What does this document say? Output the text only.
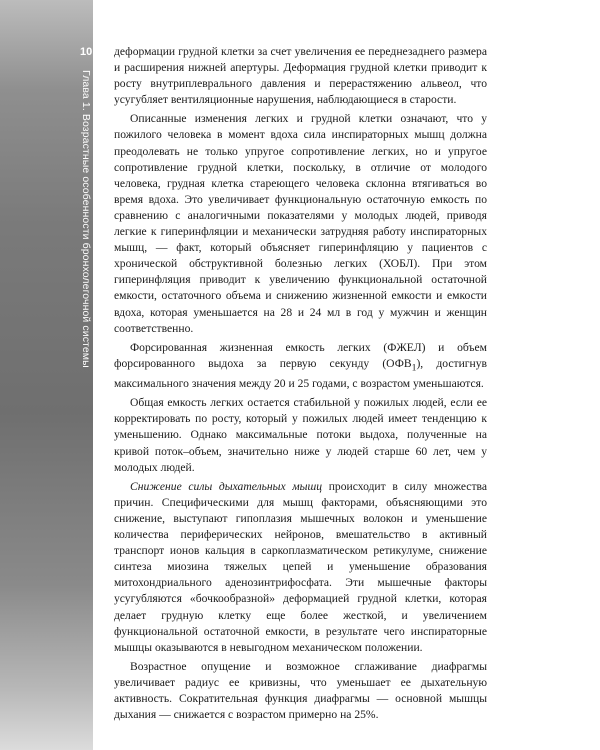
10
Глава 1. Возрастные особенности бронхолегочной системы

деформации грудной клетки за счет увеличения ее переднезаднего размера и расширения нижней апертуры. Деформация грудной клетки приводит к росту внутриплеврального давления и перерастяжению альвеол, что усугубляет вентиляционные нарушения, наблюдающиеся в старости.

Описанные изменения легких и грудной клетки означают, что у пожилого человека в момент вдоха сила инспираторных мышц должна преодолевать не только упругое сопротивление легких, но и упругое сопротивление грудной клетки, поскольку, в отличие от молодого человека, грудная клетка стареющего человека склонна втягиваться во время вдоха. Это увеличивает функциональную остаточную емкость по сравнению с аналогичными показателями у молодых людей, приводя легкие к гиперинфляции и механически затрудняя работу инспираторных мышц, — факт, который объясняет гиперинфляцию у пациентов с хронической обструктивной болезнью легких (ХОБЛ). При этом гиперинфляция приводит к увеличению функциональной остаточной емкости, остаточного объема и снижению жизненной емкости и емкости вдоха, которая уменьшается на 28 и 24 мл в год у мужчин и женщин соответственно.

Форсированная жизненная емкость легких (ФЖЕЛ) и объем форсированного выдоха за первую секунду $(ОФВ_1)$, достигнув максимального значения между 20 и 25 годами, с возрастом уменьшаются.

Общая емкость легких остается стабильной у пожилых людей, если ее корректировать по росту, который у пожилых людей имеет тенденцию к уменьшению. Однако максимальные потоки выдоха, полученные на кривой поток–объем, значительно ниже у людей старше 60 лет, чем у молодых людей.

Снижение силы дыхательных мышц происходит в силу множества причин. Специфическими для мышц факторами, объясняющими это снижение, выступают гипоплазия мышечных волокон и уменьшение количества периферических нейронов, вмешательство в активный транспорт ионов кальция в саркоплазматическом ретикулуме, снижение синтеза миозина тяжелых цепей и уменьшение образования митохондриального аденозинтрифосфата. Эти мышечные факторы усугубляются «бочкообразной» деформацией грудной клетки, которая делает грудную клетку еще более жесткой, и увеличением функциональной остаточной емкости, в результате чего инспираторные мышцы оказываются в невыгодном механическом положении.

Возрастное опущение и возможное сглаживание диафрагмы увеличивает радиус ее кривизны, что уменьшает ее дыхательную активность. Сократительная функция диафрагмы — основной мышцы дыхания — снижается с возрастом примерно на 25%.
